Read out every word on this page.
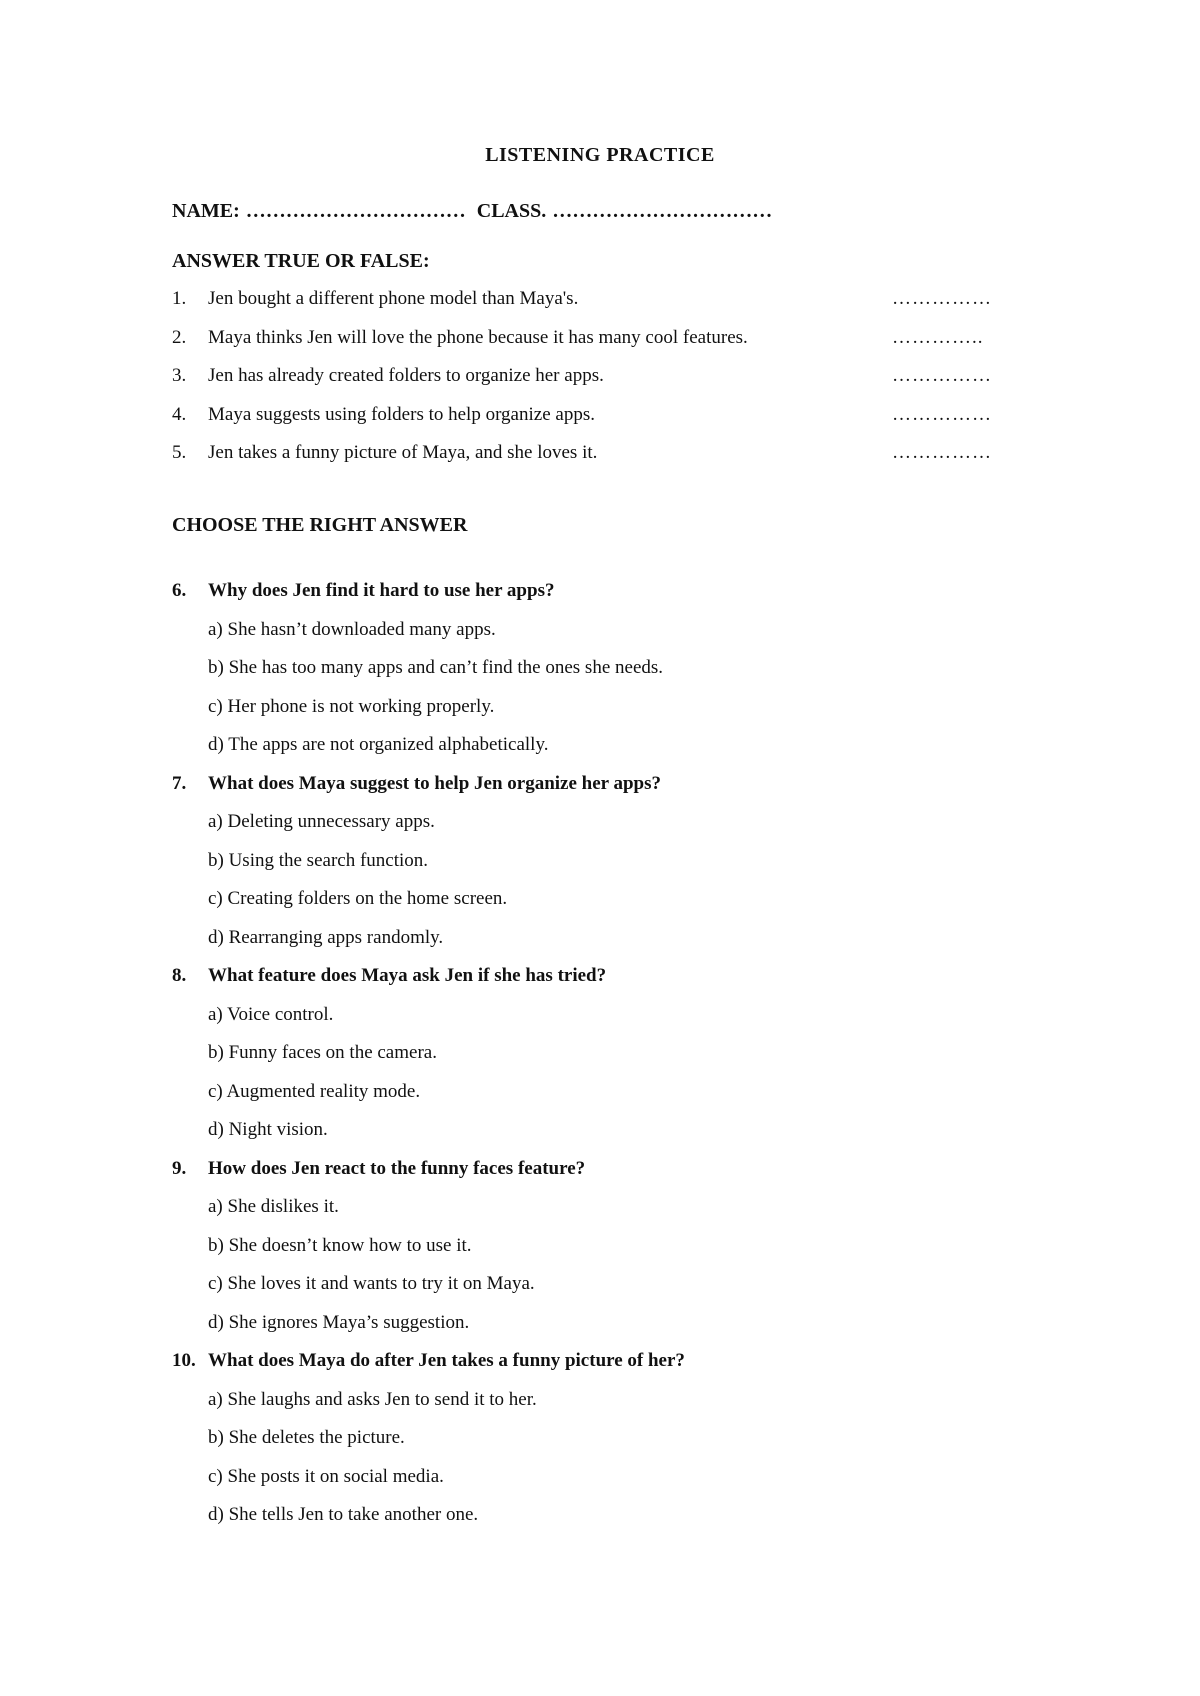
LISTENING PRACTICE
NAME: …………………………… CLASS. ……………………………
ANSWER TRUE OR FALSE:
1. Jen bought a different phone model than Maya's.	……………
2. Maya thinks Jen will love the phone because it has many cool features.	…………..
3. Jen has already created folders to organize her apps.	……………
4. Maya suggests using folders to help organize apps.	……………
5. Jen takes a funny picture of Maya, and she loves it.	……………
CHOOSE THE RIGHT ANSWER
6. Why does Jen find it hard to use her apps?
a) She hasn’t downloaded many apps.
b) She has too many apps and can’t find the ones she needs.
c) Her phone is not working properly.
d) The apps are not organized alphabetically.
7. What does Maya suggest to help Jen organize her apps?
a) Deleting unnecessary apps.
b) Using the search function.
c) Creating folders on the home screen.
d) Rearranging apps randomly.
8. What feature does Maya ask Jen if she has tried?
a) Voice control.
b) Funny faces on the camera.
c) Augmented reality mode.
d) Night vision.
9. How does Jen react to the funny faces feature?
a) She dislikes it.
b) She doesn’t know how to use it.
c) She loves it and wants to try it on Maya.
d) She ignores Maya’s suggestion.
10. What does Maya do after Jen takes a funny picture of her?
a) She laughs and asks Jen to send it to her.
b) She deletes the picture.
c) She posts it on social media.
d) She tells Jen to take another one.
